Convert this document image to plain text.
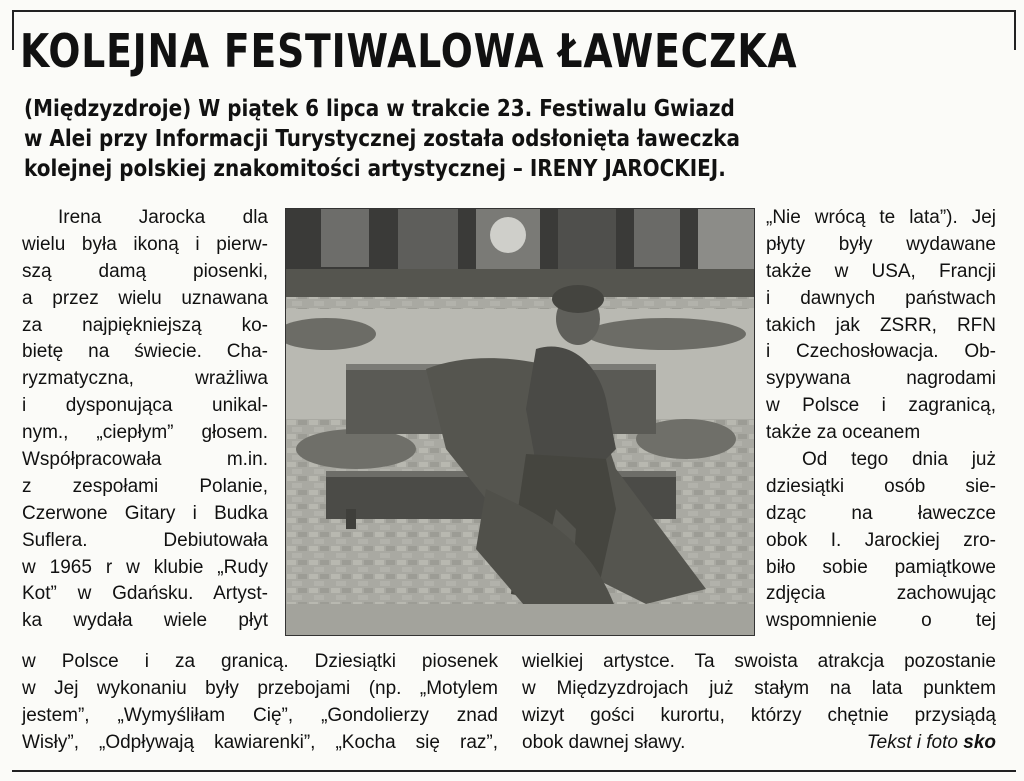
KOLEJNA FESTIWALOWA ŁAWECZKA
(Międzyzdroje) W piątek 6 lipca w trakcie 23. Festiwalu Gwiazd
w Alei przy Informacji Turystycznej została odsłonięta ławeczka
kolejnej polskiej znakomitości artystycznej – IRENY JAROCKIEJ.
Irena Jarocka dla
wielu była ikoną i pierw-
szą damą piosenki,
a przez wielu uznawana
za najpiękniejszą ko-
bietę na świecie. Cha-
ryzmatyczna, wrażliwa
i dysponująca unikal-
nym., „ciepłym” głosem.
Współpracowała m.in.
z zespołami Polanie,
Czerwone Gitary i Budka
Suflera. Debiutowała
w 1965 r w klubie „Rudy
Kot” w Gdańsku. Artyst-
ka wydała wiele płyt
„Nie wrócą te lata”). Jej
płyty były wydawane
także w USA, Francji
i dawnych państwach
takich jak ZSRR, RFN
i Czechosłowacja. Ob-
sypywana nagrodami
w Polsce i zagranicą,
także za oceanem
Od tego dnia już
dziesiątki osób sie-
dząc na ławeczce
obok I. Jarockiej zro-
biło sobie pamiątkowe
zdjęcia zachowując
wspomnienie o tej
w Polsce i za granicą. Dziesiątki piosenek
w Jej wykonaniu były przebojami (np. „Motylem
jestem”, „Wymyśliłam Cię”, „Gondolierzy znad
Wisły”, „Odpływają kawiarenki”, „Kocha się raz”,
wielkiej artystce. Ta swoista atrakcja pozostanie
w Międzyzdrojach już stałym na lata punktem
wizyt gości kurortu, którzy chętnie przysiądą
obok dawnej sławy.	Tekst i foto sko
